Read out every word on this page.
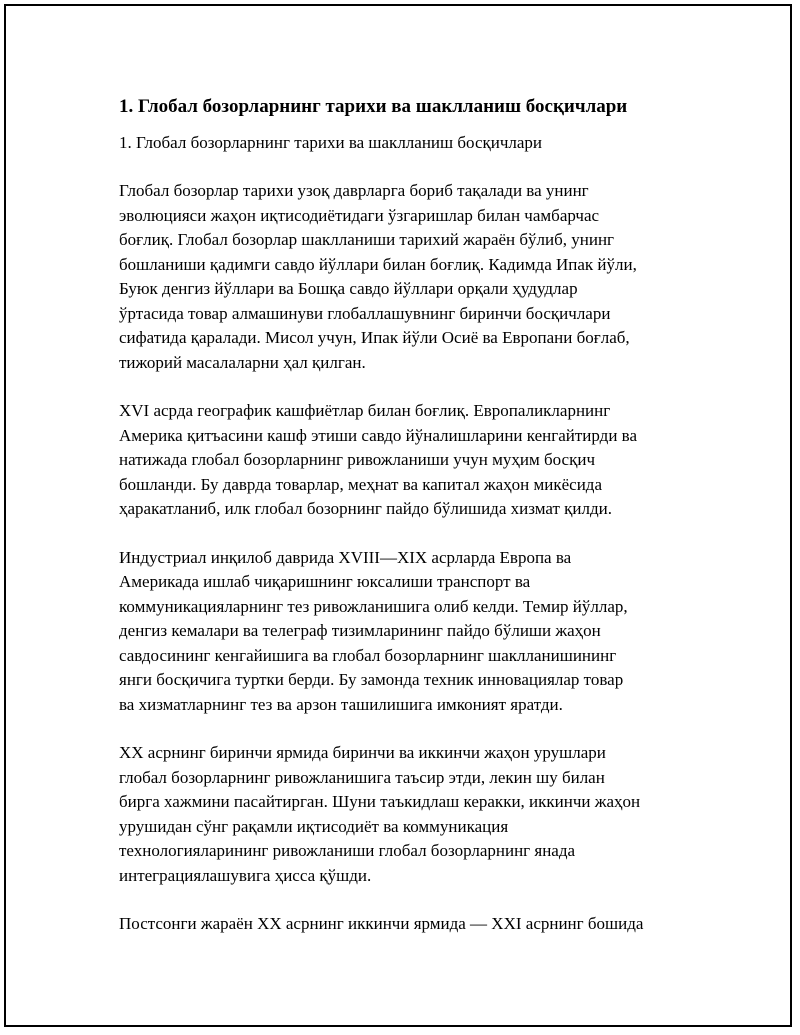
1. Глобал бозорларнинг тарихи ва шаклланиш босқичлари

1. Глобал бозорларнинг тарихи ва шаклланиш босқичлари

Глобал бозорлар тарихи узоқ даврларга бориб тақалади ва унинг
эволюцияси жаҳон иқтисодиётидаги ўзгаришлар билан чамбарчас
боғлиқ. Глобал бозорлар шаклланиши тарихий жараён бўлиб, унинг
бошланиши қадимги савдо йўллари билан боғлиқ. Кадимда Ипак йўли,
Буюк денгиз йўллари ва Бошқа савдо йўллари орқали ҳудудлар
ўртасида товар алмашинуви глобаллашувнинг биринчи босқичлари
сифатида қаралади. Мисол учун, Ипак йўли Осиё ва Европани боғлаб,
тижорий масалаларни ҳал қилган.

XVI асрда географик кашфиётлар билан боғлиқ. Европаликларнинг
Америка қитъасини кашф этиши савдо йўналишларини кенгайтирди ва
натижада глобал бозорларнинг ривожланиши учун муҳим босқич
бошланди. Бу даврда товарлар, меҳнат ва капитал жаҳон микёсида
ҳаракатланиб, илк глобал бозорнинг пайдо бўлишида хизмат қилди.

Индустриал инқилоб даврида XVIII—XIX асрларда Европа ва
Америкада ишлаб чиқаришнинг юксалиши транспорт ва
коммуникацияларнинг тез ривожланишига олиб келди. Темир йўллар,
денгиз кемалари ва телеграф тизимларининг пайдо бўлиши жаҳон
савдосининг кенгайишига ва глобал бозорларнинг шаклланишининг
янги босқичига туртки берди. Бу замонда техник инновациялар товар
ва хизматларнинг тез ва арзон ташилишига имконият яратди.

XX асрнинг биринчи ярмида биринчи ва иккинчи жаҳон урушлари
глобал бозорларнинг ривожланишига таъсир этди, лекин шу билан
бирга хажмини пасайтирган. Шуни таъкидлаш керакки, иккинчи жаҳон
урушидан сўнг рақамли иқтисодиёт ва коммуникация
технологияларининг ривожланиши глобал бозорларнинг янада
интеграциялашувига ҳисса қўшди.

Постсонги жараён XX асрнинг иккинчи ярмида — XXI асрнинг бошида
